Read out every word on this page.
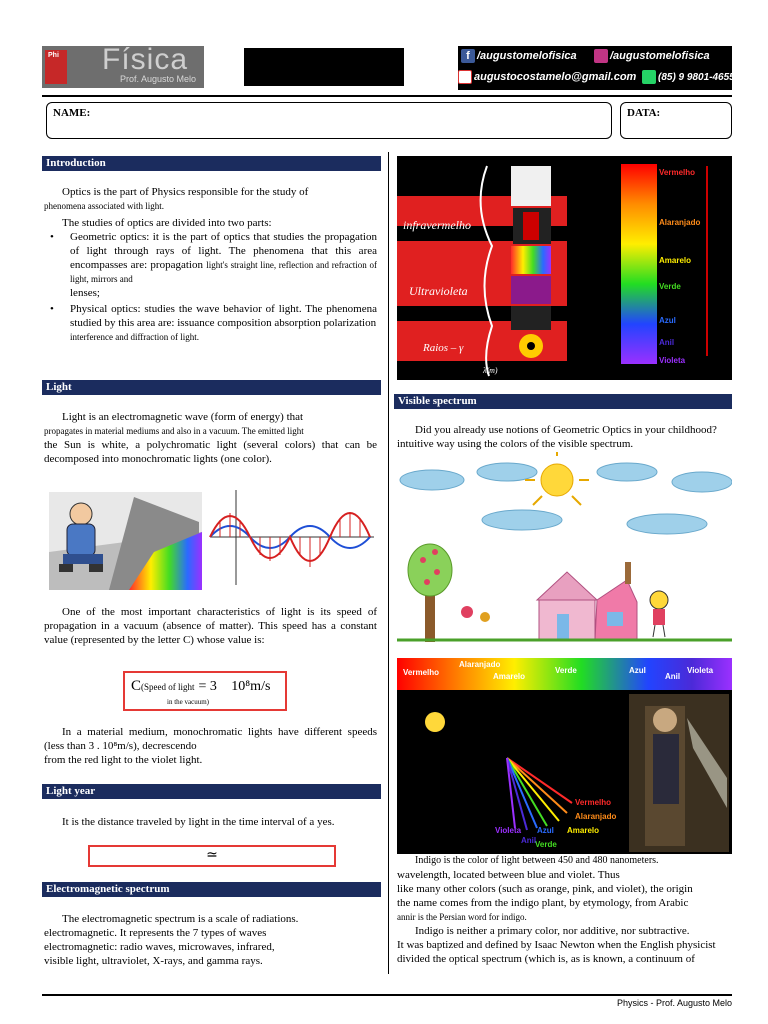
Phi Física
Prof. Augusto Melo
f /augustomelofisica	/augustomelofisica
augustocostamelo@gmail.com	(85) 9 9801-4655
NAME:	DATA:
Introduction
Optics is the part of Physics responsible for the study of
phenomena associated with light.
The studies of optics are divided into two parts:
• Geometric optics: it is the part of optics that studies the propagation of light through rays of light. The phenomena that this area encompasses are: propagation light's straight line, reflection and refraction of light, mirrors and
lenses;
• Physical optics: studies the wave behavior of light. The phenomena studied by this area are: issuance composition absorption polarization
interference and diffraction of light.
Light
Light is an electromagnetic wave (form of energy) that
propagates in material mediums and also in a vacuum. The emitted light
the Sun is white, a polychromatic light (several colors) that can be decomposed into monochromatic lights (one color).
One of the most important characteristics of light is its speed of propagation in a vacuum (absence of matter). This speed has a constant value (represented by the letter C) whose value is:
C(Speed of light = 3 ⃞10⁸m/s
in the vacuum)
In a material medium, monochromatic lights have different speeds (less than 3 . 10⁸m/s), decrescendo
from the red light to the violet light.
Light year
It is the distance traveled by light in the time interval of a yes.
≃
Electromagnetic spectrum
The electromagnetic spectrum is a scale of radiations.
electromagnetic. It represents the 7 types of waves
electromagnetic: radio waves, microwaves, infrared,
visible light, ultraviolet, X-rays, and gamma rays.
infravermelho
Ultravioleta
Raios – γ
λ(m)
Vermelho
Alaranjado
Amarelo
Verde
Azul
Anil
Violeta
Visible spectrum
Did you already use notions of Geometric Optics in your childhood?
intuitive way using the colors of the visible spectrum.
Vermelho
Alaranjado
Amarelo
Verde	Azul
Anil
Violeta
Vermelho
Alaranjado
Amarelo
Verde
Azul
Anil
Violeta
Indigo is the color of light between 450 and 480 nanometers.
wavelength, located between blue and violet. Thus
like many other colors (such as orange, pink, and violet), the origin
the name comes from the indigo plant, by etymology, from Arabic
annir is the Persian word for indigo.
Indigo is neither a primary color, nor additive, nor subtractive.
It was baptized and defined by Isaac Newton when the English physicist
divided the optical spectrum (which is, as is known, a continuum of
Physics - Prof. Augusto Melo
